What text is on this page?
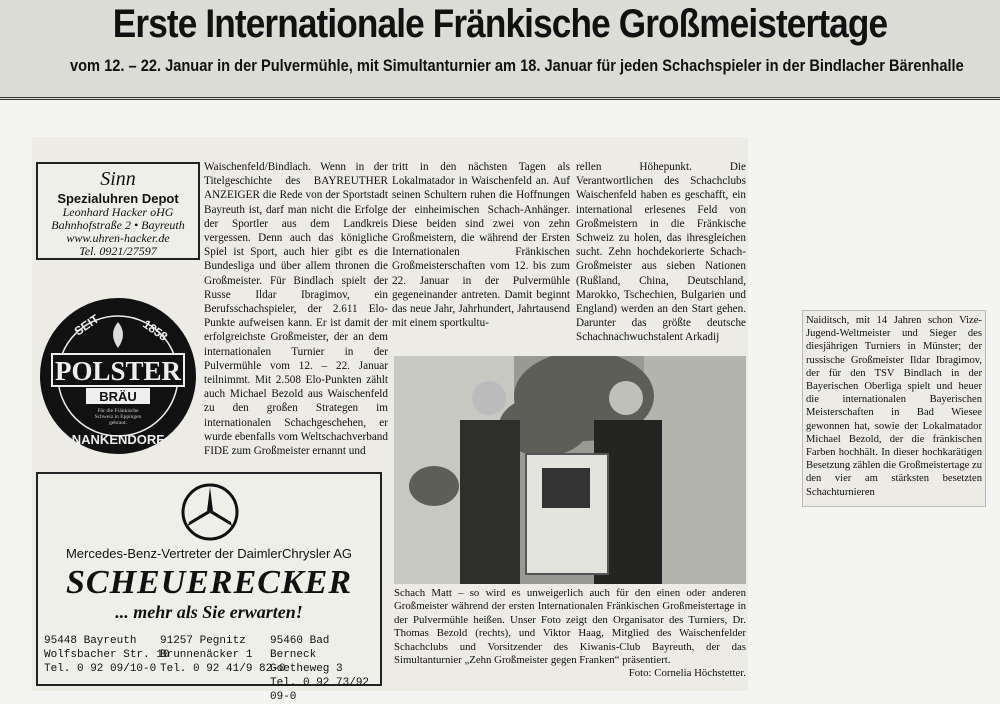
Erste Internationale Fränkische Großmeistertage
vom 12. – 22. Januar in der Pulvermühle, mit Simultanturnier am 18. Januar für jeden Schachspieler in der Bindlacher Bärenhalle
Sinn
Spezialuhren Depot
Leonhard Hacker oHG
Bahnhofstraße 2 • Bayreuth
www.uhren-hacker.de
Tel. 0921/27597
SEIT	1858
POLSTER
BRÄU
Für die Fränkische
Schweiz in Eppingen
gebraut.
NANKENDORF
Mercedes-Benz-Vertreter der DaimlerChrysler AG
SCHEUERECKER
... mehr als Sie erwarten!
95448 Bayreuth
Wolfsbacher Str. 10
Tel. 0 92 09/10-0
91257 Pegnitz
Brunnenäcker 1
Tel. 0 92 41/9 82-0
95460 Bad Berneck
Goetheweg 3
Tel. 0 92 73/92 09-0

Waischenfeld/Bindlach. Wenn in der Titelgeschichte des BAYREUTHER ANZEIGER die Rede von der Sportstadt Bayreuth ist, darf man nicht die Erfolge der Sportler aus dem Landkreis vergessen. Denn auch das königliche Spiel ist Sport, auch hier gibt es die Bundesliga und über allem thronen die Großmeister. Für Bindlach spielt der Russe Ildar Ibragimov, ein Berufsschachspieler, der 2.611 Elo-Punkte aufweisen kann. Er ist damit der erfolgreichste Großmeister, der an dem internationalen Turnier in der Pulvermühle vom 12. – 22. Januar teilnimmt. Mit 2.508 Elo-Punkten zählt auch Michael Bezold aus Waischenfeld zu den großen Strategen im internationalen Schachgeschehen, er wurde ebenfalls vom Weltschachverband FIDE zum Großmeister ernannt und

tritt in den nächsten Tagen als Lokalmatador in Waischenfeld an. Auf seinen Schultern ruhen die Hoffnungen der einheimischen Schach-Anhänger. Diese beiden sind zwei von zehn Großmeistern, die während der Ersten Internationalen Fränkischen Großmeisterschaften vom 12. bis zum 22. Januar in der Pulvermühle gegeneinander antreten. Damit beginnt das neue Jahr, Jahrhundert, Jahrtausend mit einem sportkultu-

rellen Höhepunkt. Die Verantwortlichen des Schachclubs Waischenfeld haben es geschafft, ein international erlesenes Feld von Großmeistern in die Fränkische Schweiz zu holen, das ihresgleichen sucht. Zehn hochdekorierte Schach-Großmeister aus sieben Nationen (Rußland, China, Deutschland, Marokko, Tschechien, Bulgarien und England) werden an den Start gehen. Darunter das größte deutsche Schachnachwuchstalent Arkadij

Schach Matt – so wird es unweigerlich auch für den einen oder anderen Großmeister während der ersten Internationalen Fränkischen Großmeistertage in der Pulvermühle heißen. Unser Foto zeigt den Organisator des Turniers, Dr. Thomas Bezold (rechts), und Viktor Haag, Mitglied des Waischenfelder Schachclubs und Vorsitzender des Kiwanis-Club Bayreuth, der das Simultanturnier „Zehn Großmeister gegen Franken“ präsentiert.
Foto: Cornelia Höchstetter.
Naiditsch, mit 14 Jahren schon Vize-Jugend-Weltmeister und Sieger des diesjährigen Turniers in Münster; der russische Großmeister Ildar Ibragimov, der für den TSV Bindlach in der Bayerischen Oberliga spielt und heuer die internationalen Bayerischen Meisterschaften in Bad Wiesee gewonnen hat, sowie der Lokalmatador Michael Bezold, der die fränkischen Farben hochhält. In dieser hochkarätigen Besetzung zählen die Großmeistertage zu den vier am stärksten besetzten Schachturnieren
